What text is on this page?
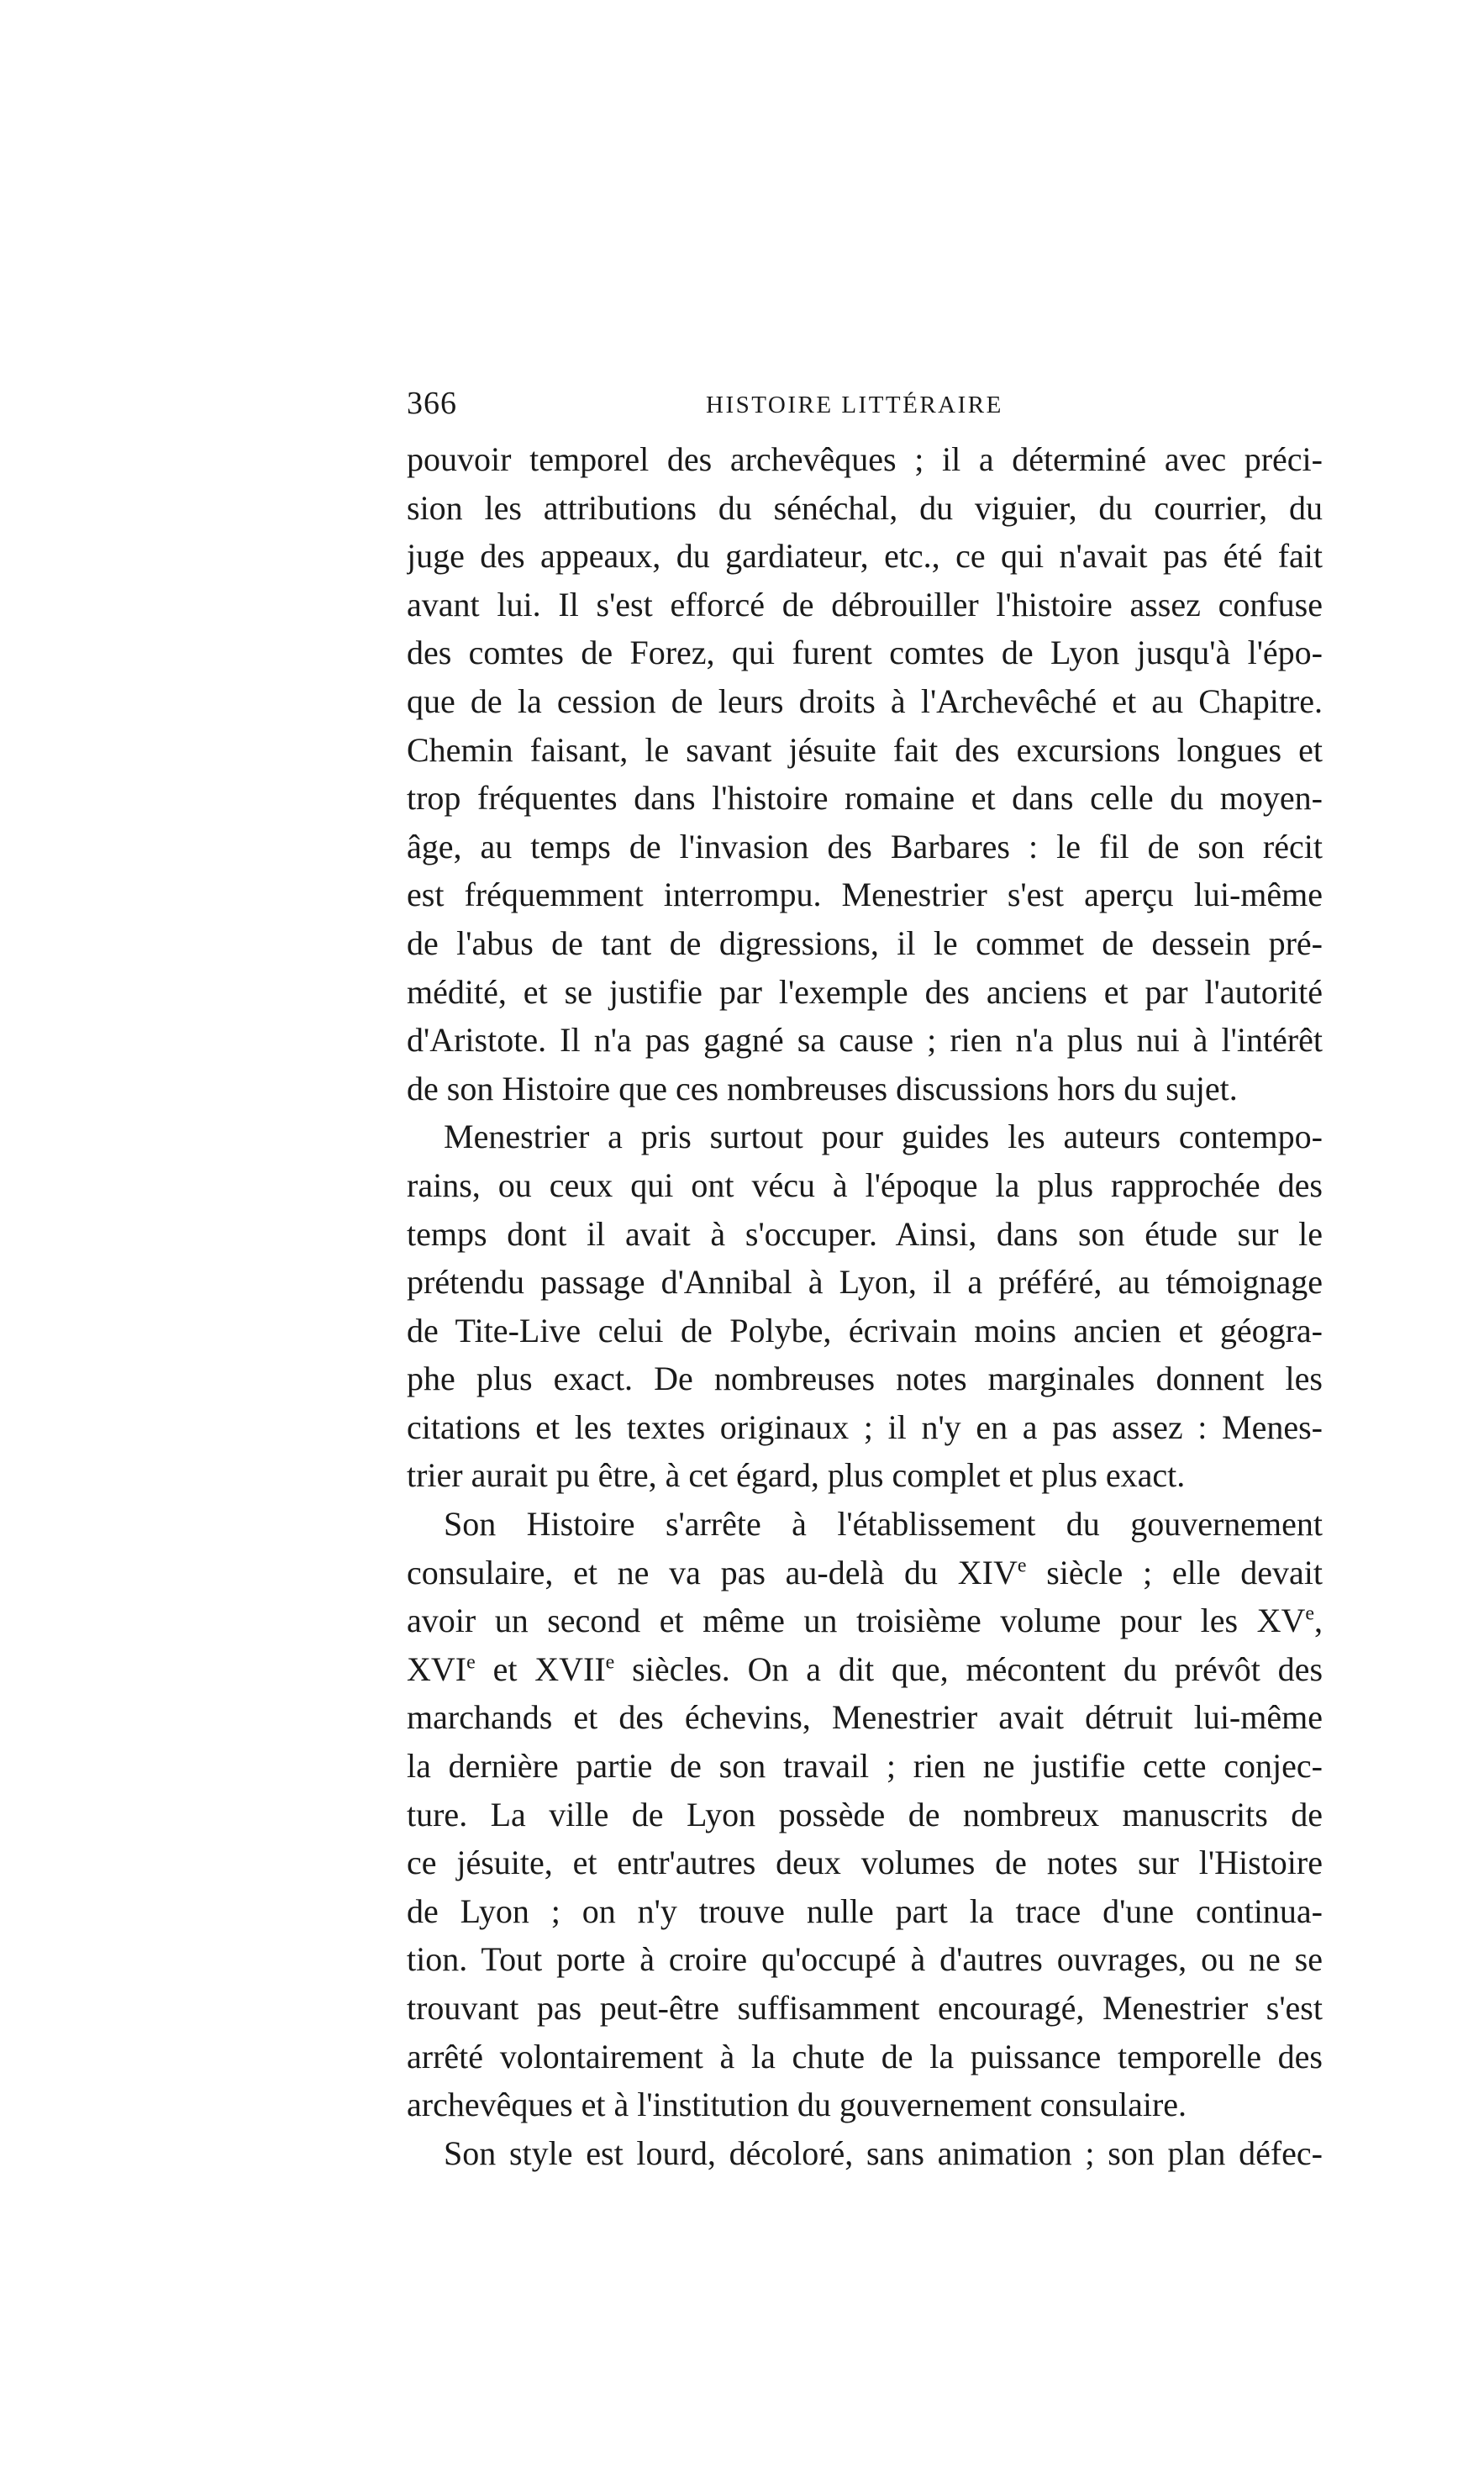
366	HISTOIRE LITTÉRAIRE
pouvoir temporel des archevêques ; il a déterminé avec préci-
sion les attributions du sénéchal, du viguier, du courrier, du
juge des appeaux, du gardiateur, etc., ce qui n'avait pas été fait
avant lui. Il s'est efforcé de débrouiller l'histoire assez confuse
des comtes de Forez, qui furent comtes de Lyon jusqu'à l'épo-
que de la cession de leurs droits à l'Archevêché et au Chapitre.
Chemin faisant, le savant jésuite fait des excursions longues et
trop fréquentes dans l'histoire romaine et dans celle du moyen-
âge, au temps de l'invasion des Barbares : le fil de son récit
est fréquemment interrompu. Menestrier s'est aperçu lui-même
de l'abus de tant de digressions, il le commet de dessein pré-
médité, et se justifie par l'exemple des anciens et par l'autorité
d'Aristote. Il n'a pas gagné sa cause ; rien n'a plus nui à l'intérêt
de son Histoire que ces nombreuses discussions hors du sujet.
Menestrier a pris surtout pour guides les auteurs contempo-
rains, ou ceux qui ont vécu à l'époque la plus rapprochée des
temps dont il avait à s'occuper. Ainsi, dans son étude sur le
prétendu passage d'Annibal à Lyon, il a préféré, au témoignage
de Tite-Live celui de Polybe, écrivain moins ancien et géogra-
phe plus exact. De nombreuses notes marginales donnent les
citations et les textes originaux ; il n'y en a pas assez : Menes-
trier aurait pu être, à cet égard, plus complet et plus exact.
Son Histoire s'arrête à l'établissement du gouvernement
consulaire, et ne va pas au-delà du XIVe siècle ; elle devait
avoir un second et même un troisième volume pour les XVe,
XVIe et XVIIe siècles. On a dit que, mécontent du prévôt des
marchands et des échevins, Menestrier avait détruit lui-même
la dernière partie de son travail ; rien ne justifie cette conjec-
ture. La ville de Lyon possède de nombreux manuscrits de
ce jésuite, et entr'autres deux volumes de notes sur l'Histoire
de Lyon ; on n'y trouve nulle part la trace d'une continua-
tion. Tout porte à croire qu'occupé à d'autres ouvrages, ou ne se
trouvant pas peut-être suffisamment encouragé, Menestrier s'est
arrêté volontairement à la chute de la puissance temporelle des
archevêques et à l'institution du gouvernement consulaire.
Son style est lourd, décoloré, sans animation ; son plan défec-
